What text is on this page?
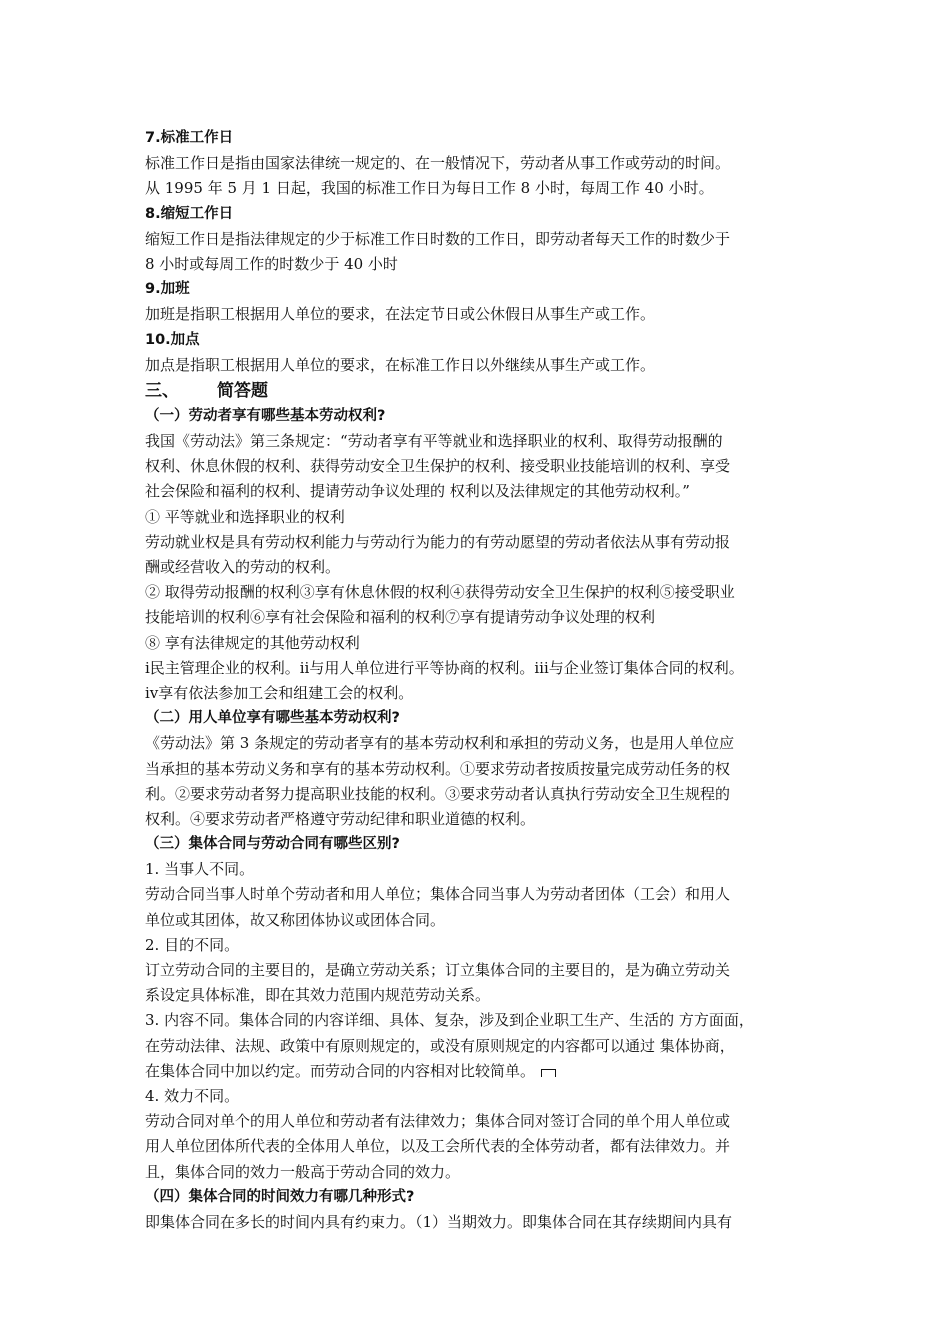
7.标准工作日
标准工作日是指由国家法律统一规定的、在一般情况下，劳动者从事工作或劳动的时间。
从 1995 年 5 月 1 日起，我国的标准工作日为每日工作 8 小时，每周工作 40 小时。
8.缩短工作日
缩短工作日是指法律规定的少于标准工作日时数的工作日，即劳动者每天工作的时数少于
8 小时或每周工作的时数少于 40 小时
9.加班
加班是指职工根据用人单位的要求，在法定节日或公休假日从事生产或工作。
10.加点
加点是指职工根据用人单位的要求，在标准工作日以外继续从事生产或工作。
三、 简答题
（一）劳动者享有哪些基本劳动权利?
我国《劳动法》第三条规定：“劳动者享有平等就业和选择职业的权利、取得劳动报酬的
权利、休息休假的权利、获得劳动安全卫生保护的权利、接受职业技能培训的权利、享受
社会保险和福利的权利、提请劳动争议处理的 权利以及法律规定的其他劳动权利。”
① 平等就业和选择职业的权利
劳动就业权是具有劳动权利能力与劳动行为能力的有劳动愿望的劳动者依法从事有劳动报
酬或经营收入的劳动的权利。
② 取得劳动报酬的权利③享有休息休假的权利④获得劳动安全卫生保护的权利⑤接受职业
技能培训的权利⑥享有社会保险和福利的权利⑦享有提请劳动争议处理的权利
⑧ 享有法律规定的其他劳动权利
ⅰ民主管理企业的权利。ⅱ与用人单位进行平等协商的权利。ⅲ与企业签订集体合同的权利。
ⅳ享有依法参加工会和组建工会的权利。
（二）用人单位享有哪些基本劳动权利?
《劳动法》第 3 条规定的劳动者享有的基本劳动权利和承担的劳动义务，也是用人单位应
当承担的基本劳动义务和享有的基本劳动权利。①要求劳动者按质按量完成劳动任务的权
利。②要求劳动者努力提高职业技能的权利。③要求劳动者认真执行劳动安全卫生规程的
权利。④要求劳动者严格遵守劳动纪律和职业道德的权利。
（三）集体合同与劳动合同有哪些区别?
1. 当事人不同。
劳动合同当事人时单个劳动者和用人单位；集体合同当事人为劳动者团体（工会）和用人
单位或其团体，故又称团体协议或团体合同。
2. 目的不同。
订立劳动合同的主要目的，是确立劳动关系；订立集体合同的主要目的，是为确立劳动关
系设定具体标准，即在其效力范围内规范劳动关系。
3. 内容不同。集体合同的内容详细、具体、复杂，涉及到企业职工生产、生活的 方方面面，
在劳动法律、法规、政策中有原则规定的，或没有原则规定的内容都可以通过 集体协商，
在集体合同中加以约定。而劳动合同的内容相对比较简单。
4. 效力不同。
劳动合同对单个的用人单位和劳动者有法律效力；集体合同对签订合同的单个用人单位或
用人单位团体所代表的全体用人单位，以及工会所代表的全体劳动者，都有法律效力。并
且，集体合同的效力一般高于劳动合同的效力。
（四）集体合同的时间效力有哪几种形式?
即集体合同在多长的时间内具有约束力。（1）当期效力。即集体合同在其存续期间内具有
